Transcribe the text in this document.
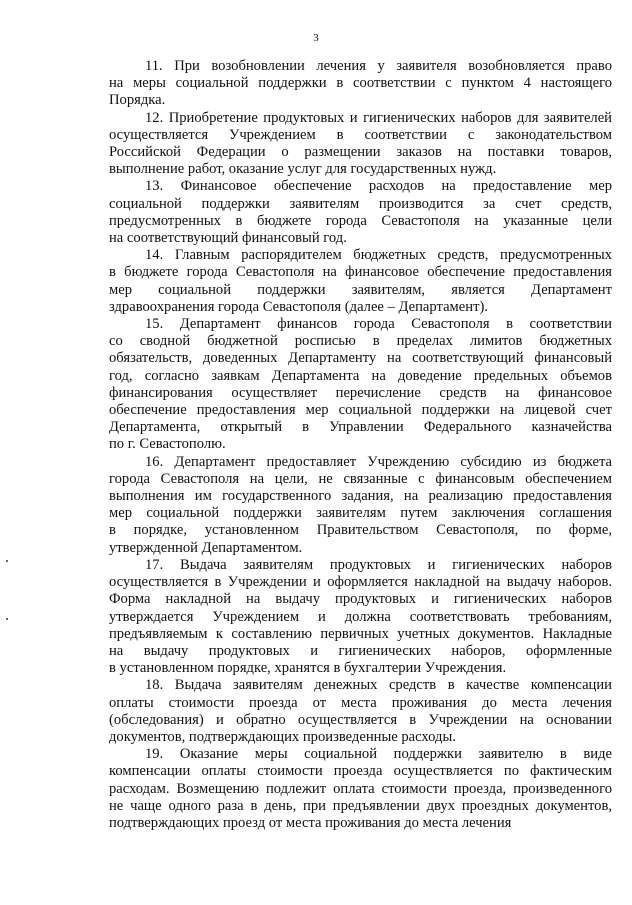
3
11. При возобновлении лечения у заявителя возобновляется право
на меры социальной поддержки в соответствии с пунктом 4 настоящего
Порядка.
12. Приобретение продуктовых и гигиенических наборов для заявителей
осуществляется Учреждением в соответствии с законодательством
Российской Федерации о размещении заказов на поставки товаров,
выполнение работ, оказание услуг для государственных нужд.
13. Финансовое обеспечение расходов на предоставление мер
социальной поддержки заявителям производится за счет средств,
предусмотренных в бюджете города Севастополя на указанные цели
на соответствующий финансовый год.
14. Главным распорядителем бюджетных средств, предусмотренных
в бюджете города Севастополя на финансовое обеспечение предоставления
мер социальной поддержки заявителям, является Департамент
здравоохранения города Севастополя (далее – Департамент).
15. Департамент финансов города Севастополя в соответствии
со сводной бюджетной росписью в пределах лимитов бюджетных
обязательств, доведенных Департаменту на соответствующий финансовый
год, согласно заявкам Департамента на доведение предельных объемов
финансирования осуществляет перечисление средств на финансовое
обеспечение предоставления мер социальной поддержки на лицевой счет
Департамента, открытый в Управлении Федерального казначейства
по г. Севастополю.
16. Департамент предоставляет Учреждению субсидию из бюджета
города Севастополя на цели, не связанные с финансовым обеспечением
выполнения им государственного задания, на реализацию предоставления
мер социальной поддержки заявителям путем заключения соглашения
в порядке, установленном Правительством Севастополя, по форме,
утвержденной Департаментом.
17. Выдача заявителям продуктовых и гигиенических наборов
осуществляется в Учреждении и оформляется накладной на выдачу наборов.
Форма накладной на выдачу продуктовых и гигиенических наборов
утверждается Учреждением и должна соответствовать требованиям,
предъявляемым к составлению первичных учетных документов. Накладные
на выдачу продуктовых и гигиенических наборов, оформленные
в установленном порядке, хранятся в бухгалтерии Учреждения.
18. Выдача заявителям денежных средств в качестве компенсации
оплаты стоимости проезда от места проживания до места лечения
(обследования) и обратно осуществляется в Учреждении на основании
документов, подтверждающих произведенные расходы.
19. Оказание меры социальной поддержки заявителю в виде
компенсации оплаты стоимости проезда осуществляется по фактическим
расходам. Возмещению подлежит оплата стоимости проезда, произведенного
не чаще одного раза в день, при предъявлении двух проездных документов,
подтверждающих проезд от места проживания до места лечения
